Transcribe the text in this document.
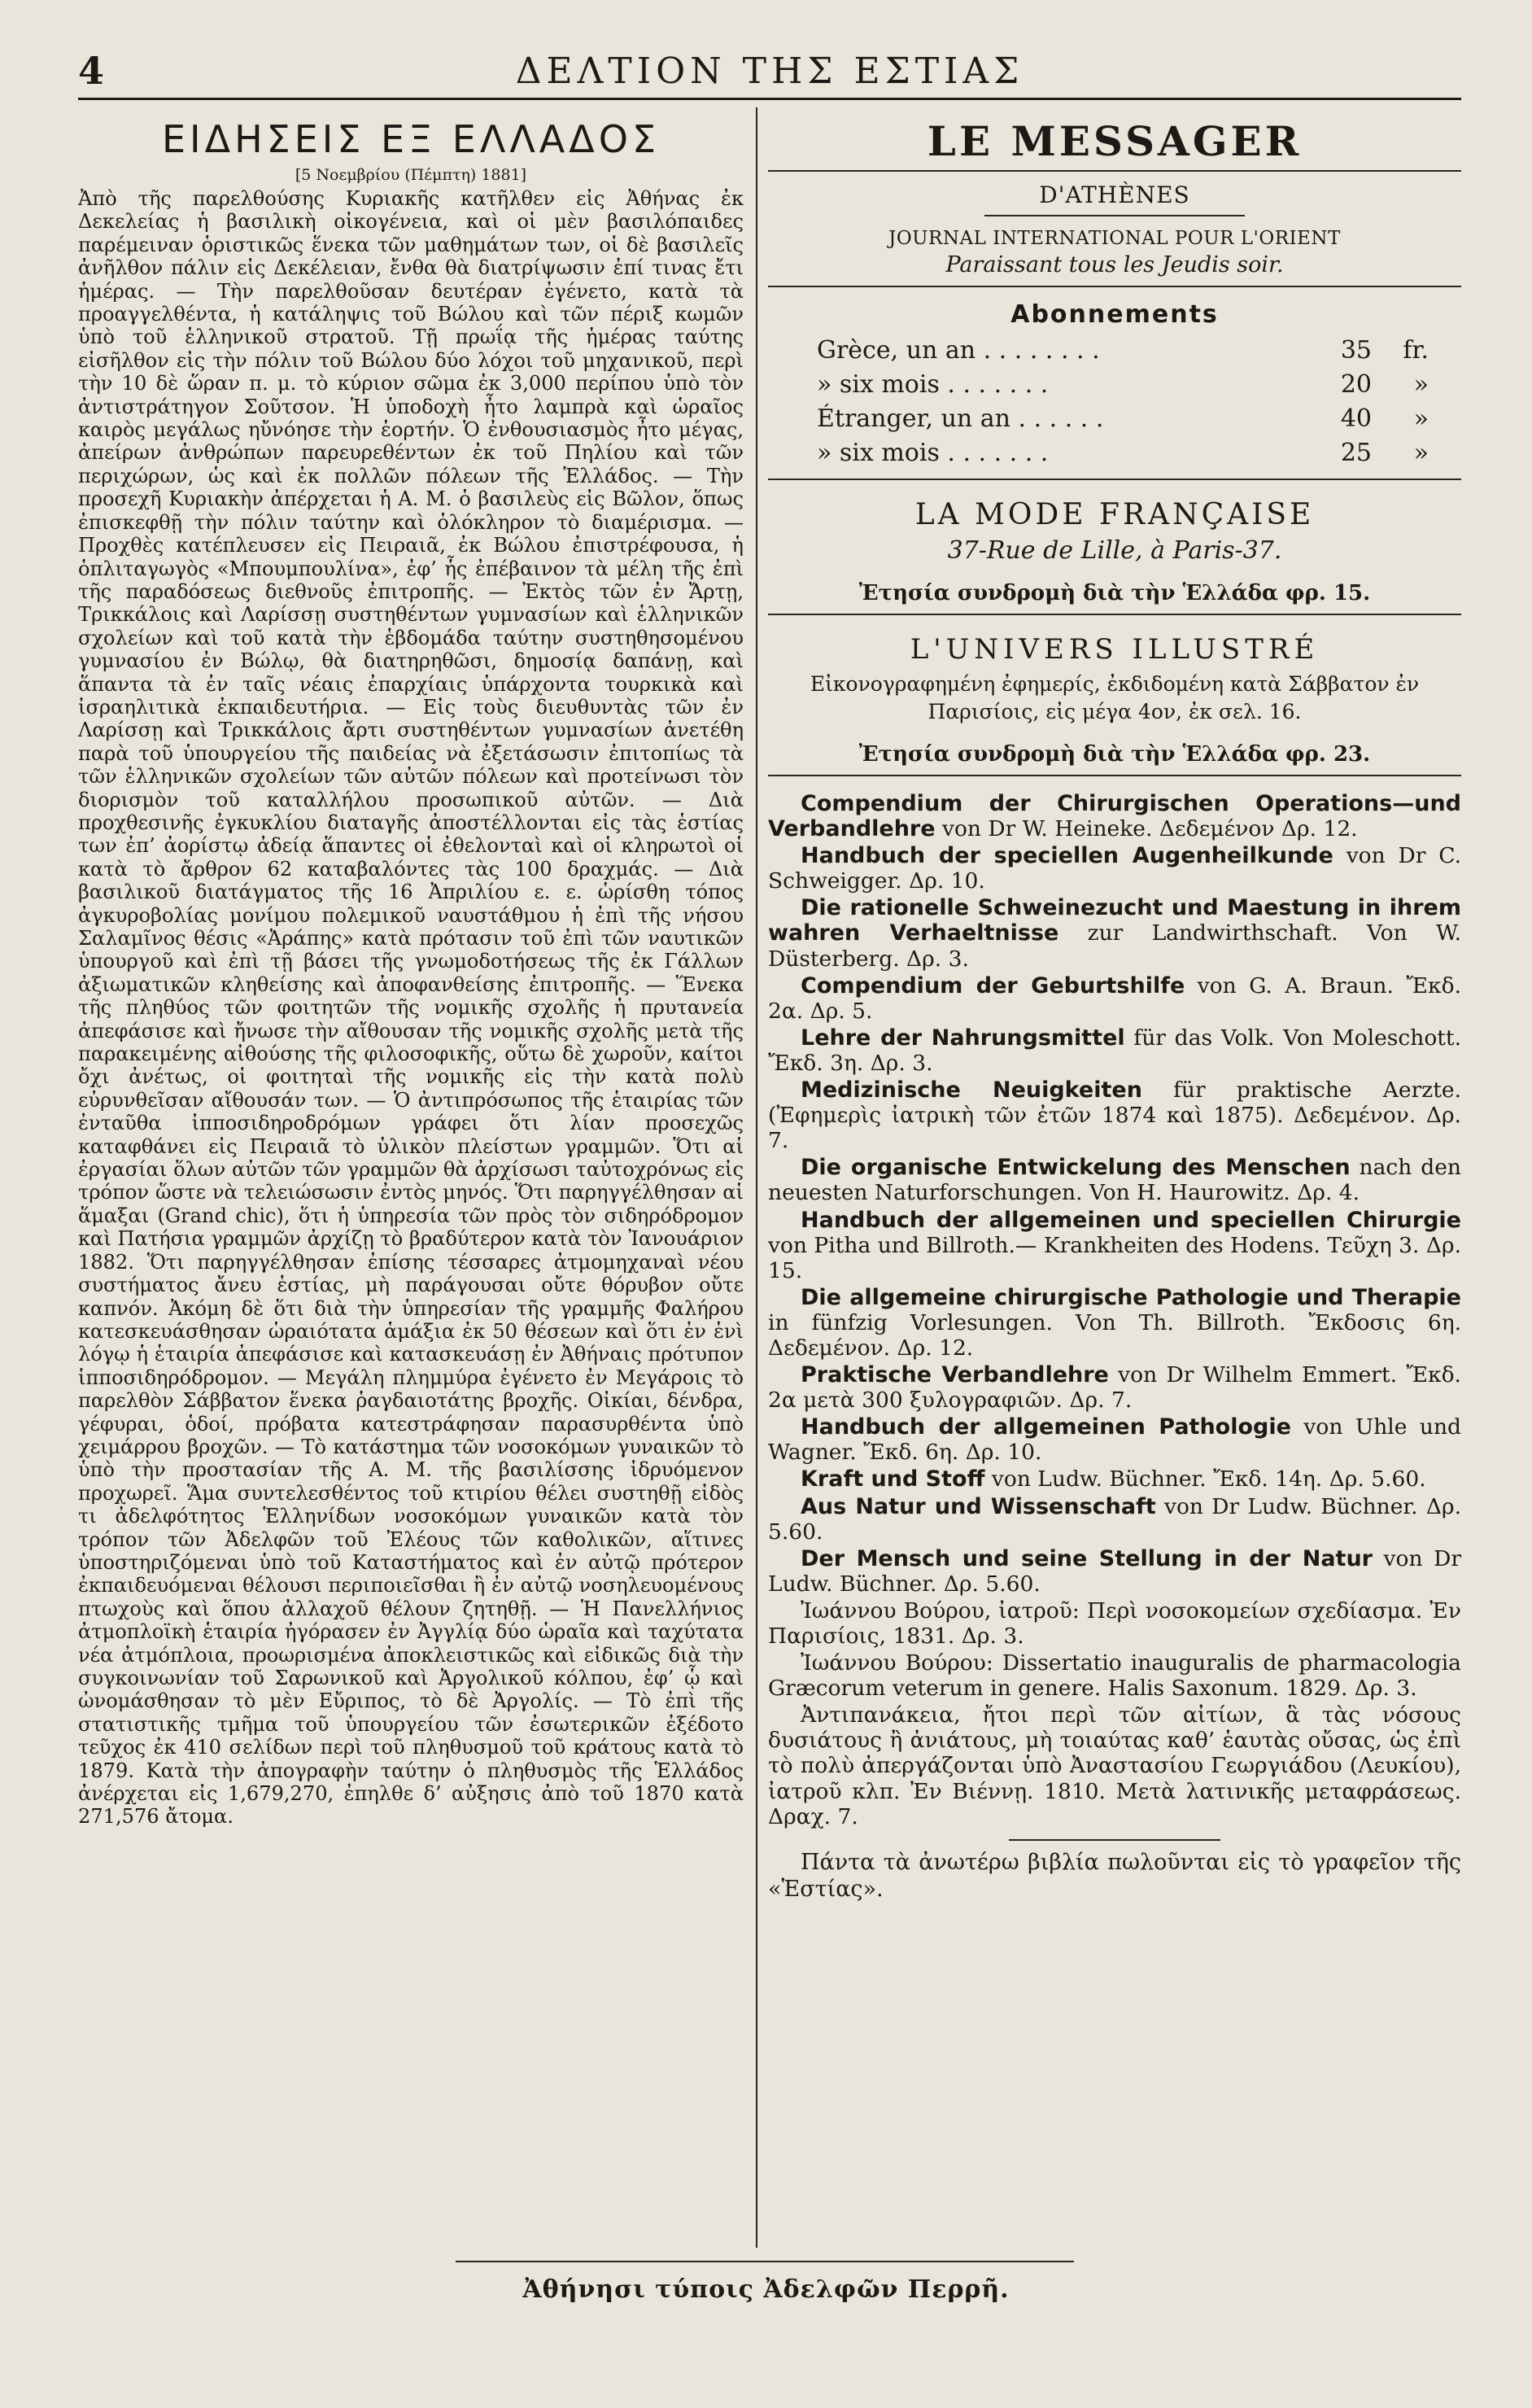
4	ΔΕΛΤΙΟΝ ΤΗΣ ΕΣΤΙΑΣ
ΕΙΔΗΣΕΙΣ ΕΞ ΕΛΛΑΔΟΣ
[5 Νοεμβρίου (Πέμπτη) 1881]

Ἀπὸ τῆς παρελθούσης Κυριακῆς κατῆλθεν εἰς Ἀθήνας ἐκ Δεκελείας ἡ βασιλικὴ οἰκογένεια, καὶ οἱ μὲν βασιλόπαιδες παρέμειναν ὁριστικῶς ἕνεκα τῶν μαθημάτων των, οἱ δὲ βασιλεῖς ἀνῆλθον πάλιν εἰς Δεκέλειαν, ἔνθα θὰ διατρίψωσιν ἐπί τινας ἔτι ἡμέρας. — Τὴν παρελθοῦσαν δευτέραν ἐγένετο, κατὰ τὰ προαγγελθέντα, ἡ κατάληψις τοῦ Βώλου καὶ τῶν πέριξ κωμῶν ὑπὸ τοῦ ἑλληνικοῦ στρατοῦ. Τῇ πρωΐᾳ τῆς ἡμέρας ταύτης εἰσῆλθον εἰς τὴν πόλιν τοῦ Βώλου δύο λόχοι τοῦ μηχανικοῦ, περὶ τὴν 10 δὲ ὥραν π. μ. τὸ κύριον σῶμα ἐκ 3,000 περίπου ὑπὸ τὸν ἀντιστράτηγον Σοῦτσον. Ἡ ὑποδοχὴ ἦτο λαμπρὰ καὶ ὡραῖος καιρὸς μεγάλως ηὔνόησε τὴν ἑορτήν. Ὁ ἐνθουσιασμὸς ἦτο μέγας, ἀπείρων ἀνθρώπων παρευρεθέντων ἐκ τοῦ Πηλίου καὶ τῶν περιχώρων, ὡς καὶ ἐκ πολλῶν πόλεων τῆς Ἑλλάδος. — Τὴν προσεχῆ Κυριακὴν ἀπέρχεται ἡ Α. Μ. ὁ βασιλεὺς εἰς Βῶλον, ὅπως ἐπισκεφθῇ τὴν πόλιν ταύτην καὶ ὁλόκληρον τὸ διαμέρισμα. — Προχθὲς κατέπλευσεν εἰς Πειραιᾶ, ἐκ Βώλου ἐπιστρέφουσα, ἡ ὁπλιταγωγὸς «Μπουμπουλίνα», ἐφ’ ἧς ἐπέβαινον τὰ μέλη τῆς ἐπὶ τῆς παραδόσεως διεθνοῦς ἐπιτροπῆς. — Ἐκτὸς τῶν ἐν Ἄρτῃ, Τρικκάλοις καὶ Λαρίσσῃ συστηθέντων γυμνασίων καὶ ἑλληνικῶν σχολείων καὶ τοῦ κατὰ τὴν ἑβδομάδα ταύτην συστηθησομένου γυμνασίου ἐν Βώλῳ, θὰ διατηρηθῶσι, δημοσίᾳ δαπάνῃ, καὶ ἅπαντα τὰ ἐν ταῖς νέαις ἐπαρχίαις ὑπάρχοντα τουρκικὰ καὶ ἰσραηλιτικὰ ἐκπαιδευτήρια. — Εἰς τοὺς διευθυντὰς τῶν ἐν Λαρίσσῃ καὶ Τρικκάλοις ἄρτι συστηθέντων γυμνασίων ἀνετέθη παρὰ τοῦ ὑπουργείου τῆς παιδείας νὰ ἐξετάσωσιν ἐπιτοπίως τὰ τῶν ἑλληνικῶν σχολείων τῶν αὐτῶν πόλεων καὶ προτείνωσι τὸν διορισμὸν τοῦ καταλλήλου προσωπικοῦ αὐτῶν. — Διὰ προχθεσινῆς ἐγκυκλίου διαταγῆς ἀποστέλλονται εἰς τὰς ἑστίας των ἐπ’ ἀορίστῳ ἀδείᾳ ἅπαντες οἱ ἐθελονταὶ καὶ οἱ κληρωτοὶ οἱ κατὰ τὸ ἄρθρον 62 καταβαλόντες τὰς 100 δραχμάς. — Διὰ βασιλικοῦ διατάγματος τῆς 16 Ἀπριλίου ε. ε. ὡρίσθη τόπος ἀγκυροβολίας μονίμου πολεμικοῦ ναυστάθμου ἡ ἐπὶ τῆς νήσου Σαλαμῖνος θέσις «Ἀράπης» κατὰ πρότασιν τοῦ ἐπὶ τῶν ναυτικῶν ὑπουργοῦ καὶ ἐπὶ τῇ βάσει τῆς γνωμοδοτήσεως τῆς ἐκ Γάλλων ἀξιωματικῶν κληθείσης καὶ ἀποφανθείσης ἐπιτροπῆς. — Ἕνεκα τῆς πληθύος τῶν φοιτητῶν τῆς νομικῆς σχολῆς ἡ πρυτανεία ἀπεφάσισε καὶ ἤνωσε τὴν αἴθουσαν τῆς νομικῆς σχολῆς μετὰ τῆς παρακειμένης αἰθούσης τῆς φιλοσοφικῆς, οὕτω δὲ χωροῦν, καίτοι ὄχι ἀνέτως, οἱ φοιτηταὶ τῆς νομικῆς εἰς τὴν κατὰ πολὺ εὐρυνθεῖσαν αἴθουσάν των. — Ὁ ἀντιπρόσωπος τῆς ἑταιρίας τῶν ἐνταῦθα ἱπποσιδηροδρόμων γράφει ὅτι λίαν προσεχῶς καταφθάνει εἰς Πειραιᾶ τὸ ὑλικὸν πλείστων γραμμῶν. Ὅτι αἱ ἐργασίαι ὅλων αὐτῶν τῶν γραμμῶν θὰ ἀρχίσωσι ταὐτοχρόνως εἰς τρόπον ὥστε νὰ τελειώσωσιν ἐντὸς μηνός. Ὅτι παρηγγέλθησαν αἱ ἅμαξαι (Grand chic), ὅτι ἡ ὑπηρεσία τῶν πρὸς τὸν σιδηρόδρομον καὶ Πατήσια γραμμῶν ἀρχίζῃ τὸ βραδύτερον κατὰ τὸν Ἰανουάριον 1882. Ὅτι παρηγγέλθησαν ἐπίσης τέσσαρες ἀτμομηχαναὶ νέου συστήματος ἄνευ ἑστίας, μὴ παράγουσαι οὔτε θόρυβον οὔτε καπνόν. Ἀκόμη δὲ ὅτι διὰ τὴν ὑπηρεσίαν τῆς γραμμῆς Φαλήρου κατεσκευάσθησαν ὡραιότατα ἁμάξια ἐκ 50 θέσεων καὶ ὅτι ἐν ἑνὶ λόγῳ ἡ ἑταιρία ἀπεφάσισε καὶ κατασκευάσῃ ἐν Ἀθήναις πρότυπον ἱπποσιδηρόδρομον. — Μεγάλη πλημμύρα ἐγένετο ἐν Μεγάροις τὸ παρελθὸν Σάββατον ἕνεκα ῥαγδαιοτάτης βροχῆς. Οἰκίαι, δένδρα, γέφυραι, ὁδοί, πρόβατα κατεστράφησαν παρασυρθέντα ὑπὸ χειμάρρου βροχῶν. — Τὸ κατάστημα τῶν νοσοκόμων γυναικῶν τὸ ὑπὸ τὴν προστασίαν τῆς Α. Μ. τῆς βασιλίσσης ἱδρυόμενον προχωρεῖ. Ἅμα συντελεσθέντος τοῦ κτιρίου θέλει συστηθῇ εἰδὸς τι ἀδελφότητος Ἑλληνίδων νοσοκόμων γυναικῶν κατὰ τὸν τρόπον τῶν Ἀδελφῶν τοῦ Ἐλέους τῶν καθολικῶν, αἵτινες ὑποστηριζόμεναι ὑπὸ τοῦ Καταστήματος καὶ ἐν αὐτῷ πρότερον ἐκπαιδευόμεναι θέλουσι περιποιεῖσθαι ἢ ἐν αὐτῷ νοσηλευομένους πτωχοὺς καὶ ὅπου ἀλλαχοῦ θέλουν ζητηθῇ. — Ἡ Πανελλήνιος ἀτμοπλοϊκὴ ἑταιρία ἠγόρασεν ἐν Ἀγγλίᾳ δύο ὡραῖα καὶ ταχύτατα νέα ἀτμόπλοια, προωρισμένα ἀποκλειστικῶς καὶ εἰδικῶς διὰ τὴν συγκοινωνίαν τοῦ Σαρωνικοῦ καὶ Ἀργολικοῦ κόλπου, ἐφ’ ᾧ καὶ ὠνομάσθησαν τὸ μὲν Εὔριπος, τὸ δὲ Ἀργολίς. — Τὸ ἐπὶ τῆς στατιστικῆς τμῆμα τοῦ ὑπουργείου τῶν ἐσωτερικῶν ἐξέδοτο τεῦχος ἐκ 410 σελίδων περὶ τοῦ πληθυσμοῦ τοῦ κράτους κατὰ τὸ 1879. Κατὰ τὴν ἀπογραφὴν ταύτην ὁ πληθυσμὸς τῆς Ἑλλάδος ἀνέρχεται εἰς 1,679,270, ἐπηλθε δ’ αὐξησις ἀπὸ τοῦ 1870 κατὰ 271,576 ἄτομα.

LE MESSAGER
D'ATHÈNES
JOURNAL INTERNATIONAL POUR L'ORIENT
Paraissant tous les Jeudis soir.
Abonnements
Grèce, un an . . . . . . . .	35	fr.
» six mois . . . . . . .	20	»
Étranger, un an . . . . . .	40	»
» six mois . . . . . . .	25	»
LA MODE FRANÇAISE
37-Rue de Lille, à Paris-37.
Ἐτησία συνδρομὴ διὰ τὴν Ἑλλάδα φρ. 15.
L'UNIVERS ILLUSTRÉ
Εἰκονογραφημένη ἐφημερίς, ἐκδιδομένη κατὰ Σάββατον ἐν Παρισίοις, εἰς μέγα 4ον, ἐκ σελ. 16.
Ἐτησία συνδρομὴ διὰ τὴν Ἑλλάδα φρ. 23.

Compendium der Chirurgischen Operations—und Verbandlehre von Dr W. Heineke. Δεδεμένον Δρ. 12.

Handbuch der speciellen Augenheilkunde von Dr C. Schweigger. Δρ. 10.

Die rationelle Schweinezucht und Maestung in ihrem wahren Verhaeltnisse zur Landwirthschaft. Von W. Düsterberg. Δρ. 3.

Compendium der Geburtshilfe von G. A. Braun. Ἔκδ. 2α. Δρ. 5.

Lehre der Nahrungsmittel für das Volk. Von Moleschott. Ἔκδ. 3η. Δρ. 3.

Medizinische Neuigkeiten für praktische Aerzte. (Ἐφημερὶς ἰατρικὴ τῶν ἐτῶν 1874 καὶ 1875). Δεδεμένον. Δρ. 7.

Die organische Entwickelung des Menschen nach den neuesten Naturforschungen. Von H. Haurowitz. Δρ. 4.

Handbuch der allgemeinen und speciellen Chirurgie von Pitha und Billroth.— Krankheiten des Hodens. Τεῦχη 3. Δρ. 15.

Die allgemeine chirurgische Pathologie und Therapie in fünfzig Vorlesungen. Von Th. Billroth. Ἔκδοσις 6η. Δεδεμένον. Δρ. 12.

Praktische Verbandlehre von Dr Wilhelm Emmert. Ἔκδ. 2α μετὰ 300 ξυλογραφιῶν. Δρ. 7.

Handbuch der allgemeinen Pathologie von Uhle und Wagner. Ἔκδ. 6η. Δρ. 10.

Kraft und Stoff von Ludw. Büchner. Ἔκδ. 14η. Δρ. 5.60.

Aus Natur und Wissenschaft von Dr Ludw. Büchner. Δρ. 5.60.

Der Mensch und seine Stellung in der Natur von Dr Ludw. Büchner. Δρ. 5.60.

Ἰωάννου Βούρου, ἰατροῦ: Περὶ νοσοκομείων σχεδίασμα. Ἐν Παρισίοις, 1831. Δρ. 3.

Ἰωάννου Βούρου: Dissertatio inauguralis de pharmacologia Græcorum veterum in genere. Halis Saxonum. 1829. Δρ. 3.

Ἀντιπανάκεια, ἤτοι περὶ τῶν αἰτίων, ἃ τὰς νόσους δυσιάτους ἢ ἀνιάτους, μὴ τοιαύτας καθ’ ἑαυτὰς οὔσας, ὡς ἐπὶ τὸ πολὺ ἀπεργάζονται ὑπὸ Ἀναστασίου Γεωργιάδου (Λευκίου), ἰατροῦ κλπ. Ἐν Βιέννῃ. 1810. Μετὰ λατινικῆς μεταφράσεως. Δραχ. 7.

Πάντα τὰ ἀνωτέρω βιβλία πωλοῦνται εἰς τὸ γραφεῖον τῆς «Ἑστίας».

Ἀθήνησι τύποις Ἀδελφῶν Περρῆ.
